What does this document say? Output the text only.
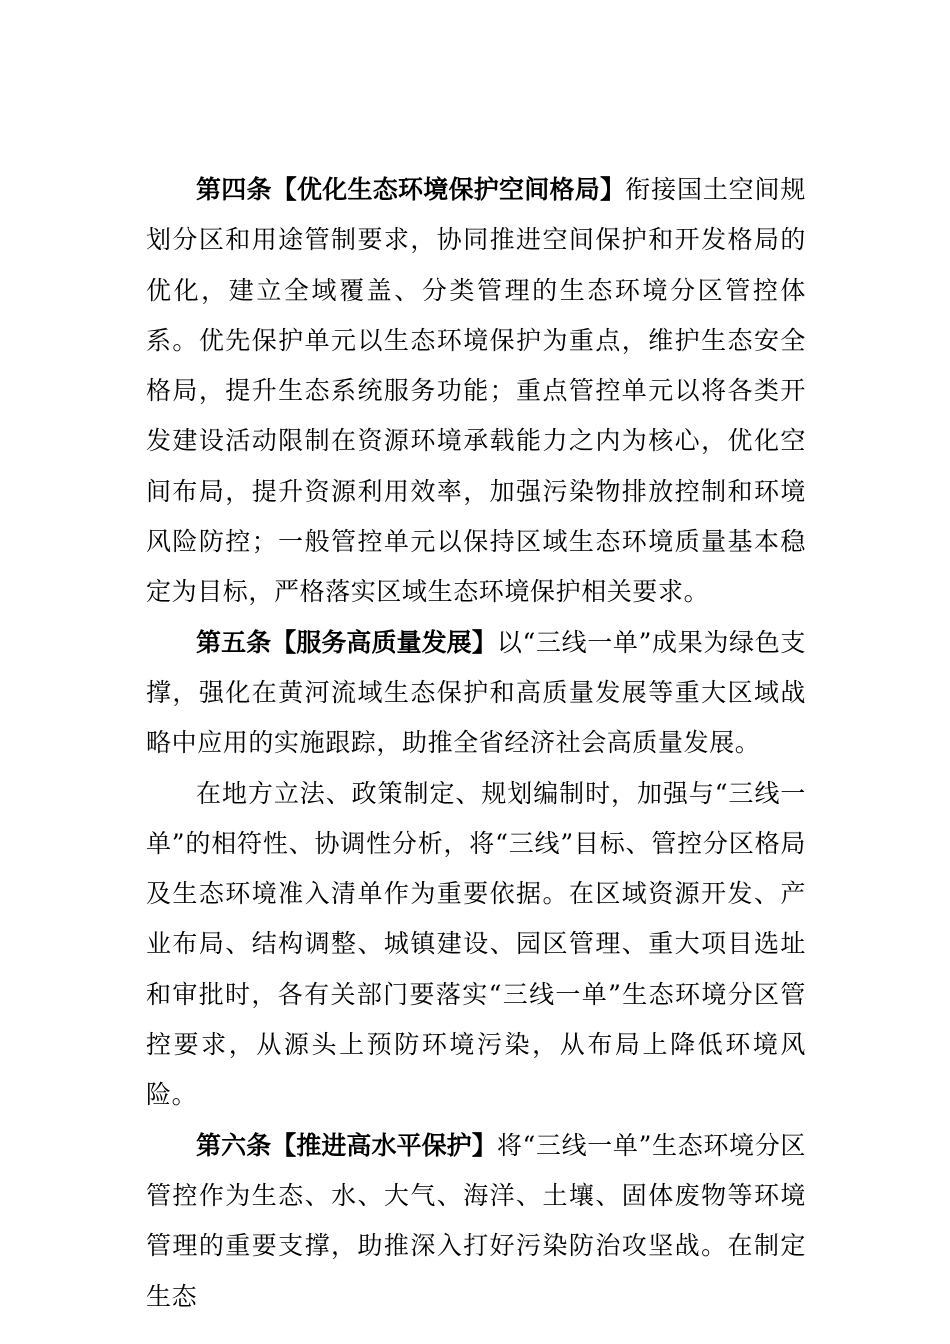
第四条【优化生态环境保护空间格局】衔接国土空间规划分区和用途管制要求，协同推进空间保护和开发格局的优化，建立全域覆盖、分类管理的生态环境分区管控体系。优先保护单元以生态环境保护为重点，维护生态安全格局，提升生态系统服务功能；重点管控单元以将各类开发建设活动限制在资源环境承载能力之内为核心，优化空间布局，提升资源利用效率，加强污染物排放控制和环境风险防控；一般管控单元以保持区域生态环境质量基本稳定为目标，严格落实区域生态环境保护相关要求。

第五条【服务高质量发展】以“三线一单”成果为绿色支撑，强化在黄河流域生态保护和高质量发展等重大区域战略中应用的实施跟踪，助推全省经济社会高质量发展。

在地方立法、政策制定、规划编制时，加强与“三线一单”的相符性、协调性分析，将“三线”目标、管控分区格局及生态环境准入清单作为重要依据。在区域资源开发、产业布局、结构调整、城镇建设、园区管理、重大项目选址和审批时，各有关部门要落实“三线一单”生态环境分区管控要求，从源头上预防环境污染，从布局上降低环境风险。

第六条【推进高水平保护】将“三线一单”生态环境分区管控作为生态、水、大气、海洋、土壤、固体废物等环境管理的重要支撑，助推深入打好污染防治攻坚战。在制定生态
